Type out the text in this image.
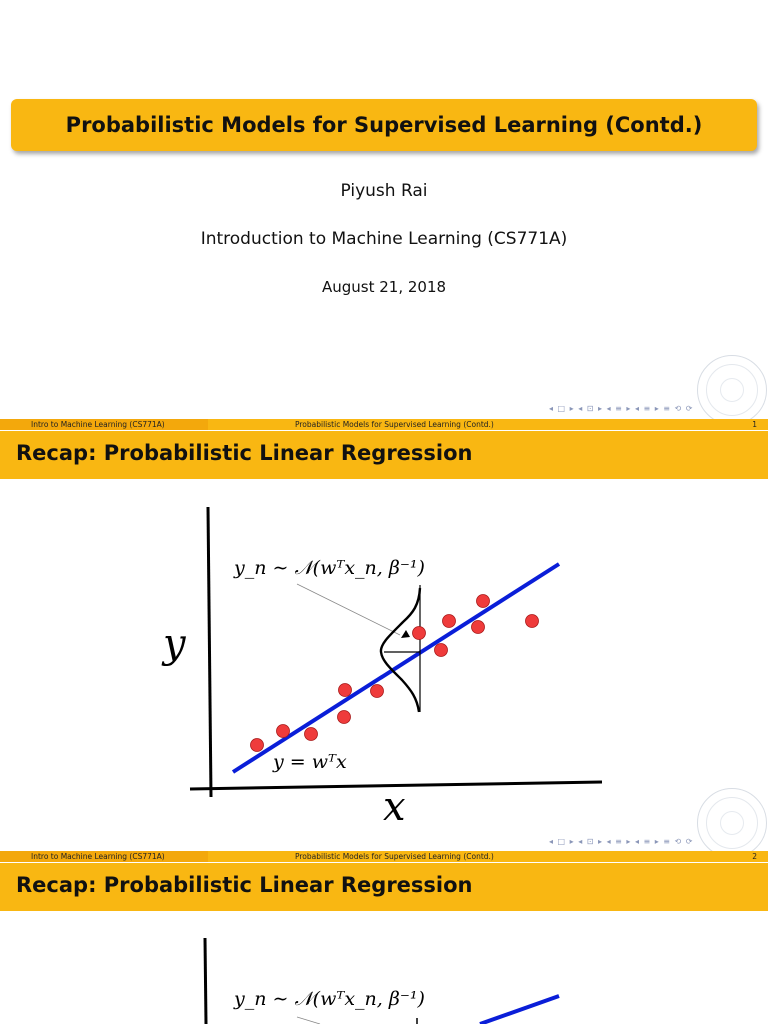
Probabilistic Models for Supervised Learning (Contd.)
Piyush Rai
Introduction to Machine Learning (CS771A)
August 21, 2018
◂ □ ▸ ◂ ⊡ ▸ ◂ ≡ ▸ ◂ ≡ ▸ ≡ ⟲ ⟳
Intro to Machine Learning (CS771A)	Probabilistic Models for Supervised Learning (Contd.)	1
Recap: Probabilistic Linear Regression
y_n ∼ 𝒩(wᵀx_n, β⁻¹)
y = wᵀx
y
x
◂ □ ▸ ◂ ⊡ ▸ ◂ ≡ ▸ ◂ ≡ ▸ ≡ ⟲ ⟳
Intro to Machine Learning (CS771A)	Probabilistic Models for Supervised Learning (Contd.)	2
Recap: Probabilistic Linear Regression
y_n ∼ 𝒩(wᵀx_n, β⁻¹)
